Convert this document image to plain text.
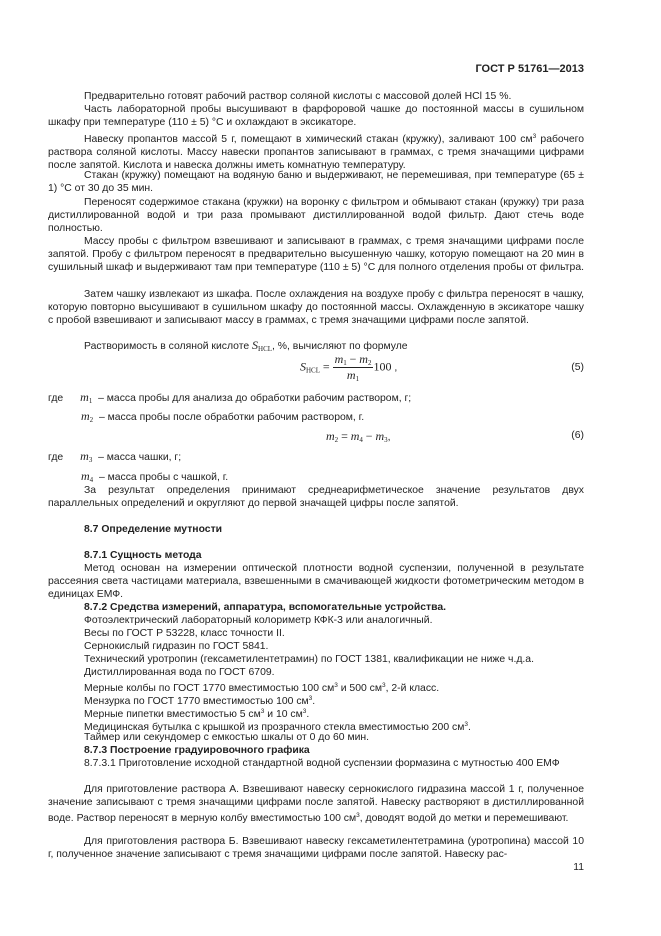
ГОСТ Р 51761—2013
Предварительно готовят рабочий раствор соляной кислоты с массовой долей HCl 15 %.
Часть лабораторной пробы высушивают в фарфоровой чашке до постоянной массы в сушильном шкафу при температуре (110 ± 5) °С и охлаждают в эксикаторе.
Навеску пропантов массой 5 г, помещают в химический стакан (кружку), заливают 100 $см^3$ рабочего раствора соляной кислоты. Массу навески пропантов записывают в граммах, с тремя значащими цифрами после запятой. Кислота и навеска должны иметь комнатную температуру.
Стакан (кружку) помещают на водяную баню и выдерживают, не перемешивая, при температуре (65 ± 1) °С от 30 до 35 мин.
Переносят содержимое стакана (кружки) на воронку с фильтром и обмывают стакан (кружку) три раза дистиллированной водой и три раза промывают дистиллированной водой фильтр. Дают стечь воде полностью.
Массу пробы с фильтром взвешивают и записывают в граммах, с тремя значащими цифрами после запятой. Пробу с фильтром переносят в предварительно высушенную чашку, которую помещают на 20 мин в сушильный шкаф и выдерживают там при температуре (110 ± 5) °С для полного отделения пробы от фильтра.
Затем чашку извлекают из шкафа. После охлаждения на воздухе пробу с фильтра переносят в чашку, которую повторно высушивают в сушильном шкафу до постоянной массы. Охлажденную в эксикаторе чашку с пробой взвешивают и записывают массу в граммах, с тремя значащими цифрами после запятой.
Растворимость в соляной кислоте $S_{HCL}$, %, вычисляют по формуле
$S_{HCL} = \frac{m_1 - m_2}{m_1} 100$ ,	(5)
где $m_1$ – масса пробы для анализа до обработки рабочим раствором, г;
$m_2$ – масса пробы после обработки рабочим раствором, г.
$m_2 = m_4 - m_3$,	(6)
где $m_3$ – масса чашки, г;
$m_4$ – масса пробы с чашкой, г.
За результат определения принимают среднеарифметическое значение результатов двух параллельных определений и округляют до первой значащей цифры после запятой.
8.7 Определение мутности
8.7.1 Сущность метода
Метод основан на измерении оптической плотности водной суспензии, полученной в результате рассеяния света частицами материала, взвешенными в смачивающей жидкости фотометрическим методом в единицах ЕМФ.
8.7.2 Средства измерений, аппаратура, вспомогательные устройства.
Фотоэлектрический лабораторный колориметр КФК-3 или аналогичный.
Весы по ГОСТ Р 53228, класс точности II.
Сернокислый гидразин по ГОСТ 5841.
Технический уротропин (гексаметилентетрамин) по ГОСТ 1381, квалификации не ниже ч.д.а.
Дистиллированная вода по ГОСТ 6709.
Мерные колбы по ГОСТ 1770 вместимостью 100 $см^3$ и 500 $см^3$, 2-й класс.
Мензурка по ГОСТ 1770 вместимостью 100 $см^3$.
Мерные пипетки вместимостью 5 $см^3$ и 10 $см^3$.
Медицинская бутылка с крышкой из прозрачного стекла вместимостью 200 $см^3$.
Таймер или секундомер с емкостью шкалы от 0 до 60 мин.
8.7.3 Построение градуировочного графика
8.7.3.1 Приготовление исходной стандартной водной суспензии формазина с мутностью 400 ЕМФ
Для приготовление раствора А. Взвешивают навеску сернокислого гидразина массой 1 г, полученное значение записывают с тремя значащими цифрами после запятой. Навеску растворяют в дистиллированной воде. Раствор переносят в мерную колбу вместимостью 100 $см^3$, доводят водой до метки и перемешивают.
Для приготовления раствора Б. Взвешивают навеску гексаметилентетрамина (уротропина) массой 10 г, полученное значение записывают с тремя значащими цифрами после запятой. Навеску рас-
11
